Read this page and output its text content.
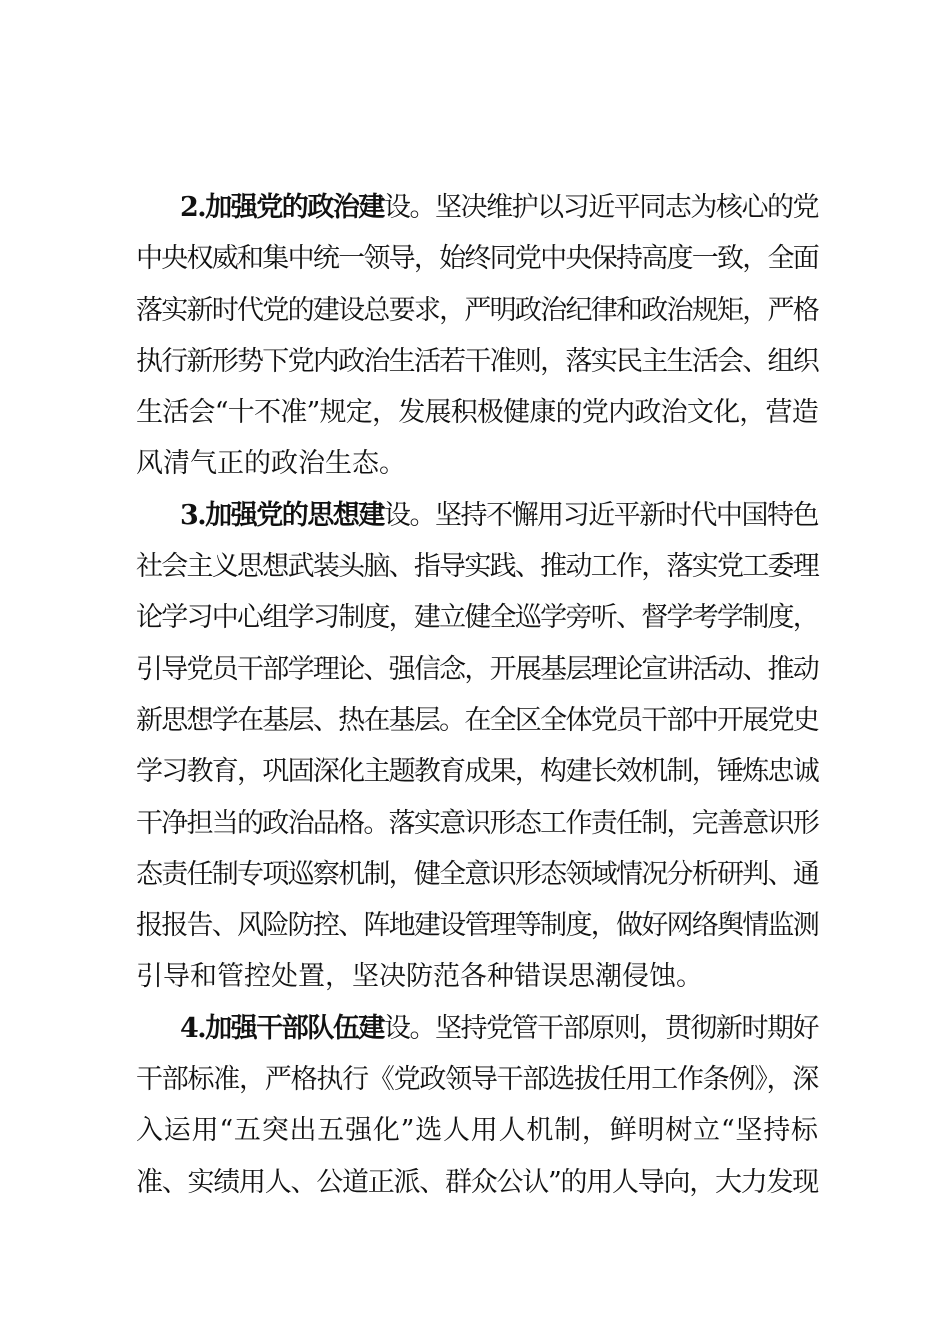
2.加强党的政治建设。坚决维护以习近平同志为核心的党
中央权威和集中统一领导，始终同党中央保持高度一致，全面
落实新时代党的建设总要求，严明政治纪律和政治规矩，严格
执行新形势下党内政治生活若干准则，落实民主生活会、组织
生活会“十不准”规定，发展积极健康的党内政治文化，营造
风清气正的政治生态。
3.加强党的思想建设。坚持不懈用习近平新时代中国特色
社会主义思想武装头脑、指导实践、推动工作，落实党工委理
论学习中心组学习制度，建立健全巡学旁听、督学考学制度，
引导党员干部学理论、强信念，开展基层理论宣讲活动、推动
新思想学在基层、热在基层。在全区全体党员干部中开展党史
学习教育，巩固深化主题教育成果，构建长效机制，锤炼忠诚
干净担当的政治品格。落实意识形态工作责任制，完善意识形
态责任制专项巡察机制，健全意识形态领域情况分析研判、通
报报告、风险防控、阵地建设管理等制度，做好网络舆情监测
引导和管控处置，坚决防范各种错误思潮侵蚀。
4.加强干部队伍建设。坚持党管干部原则，贯彻新时期好
干部标准，严格执行《党政领导干部选拔任用工作条例》，深
入运用“五突出五强化”选人用人机制，鲜明树立“坚持标
准、实绩用人、公道正派、群众公认”的用人导向，大力发现
